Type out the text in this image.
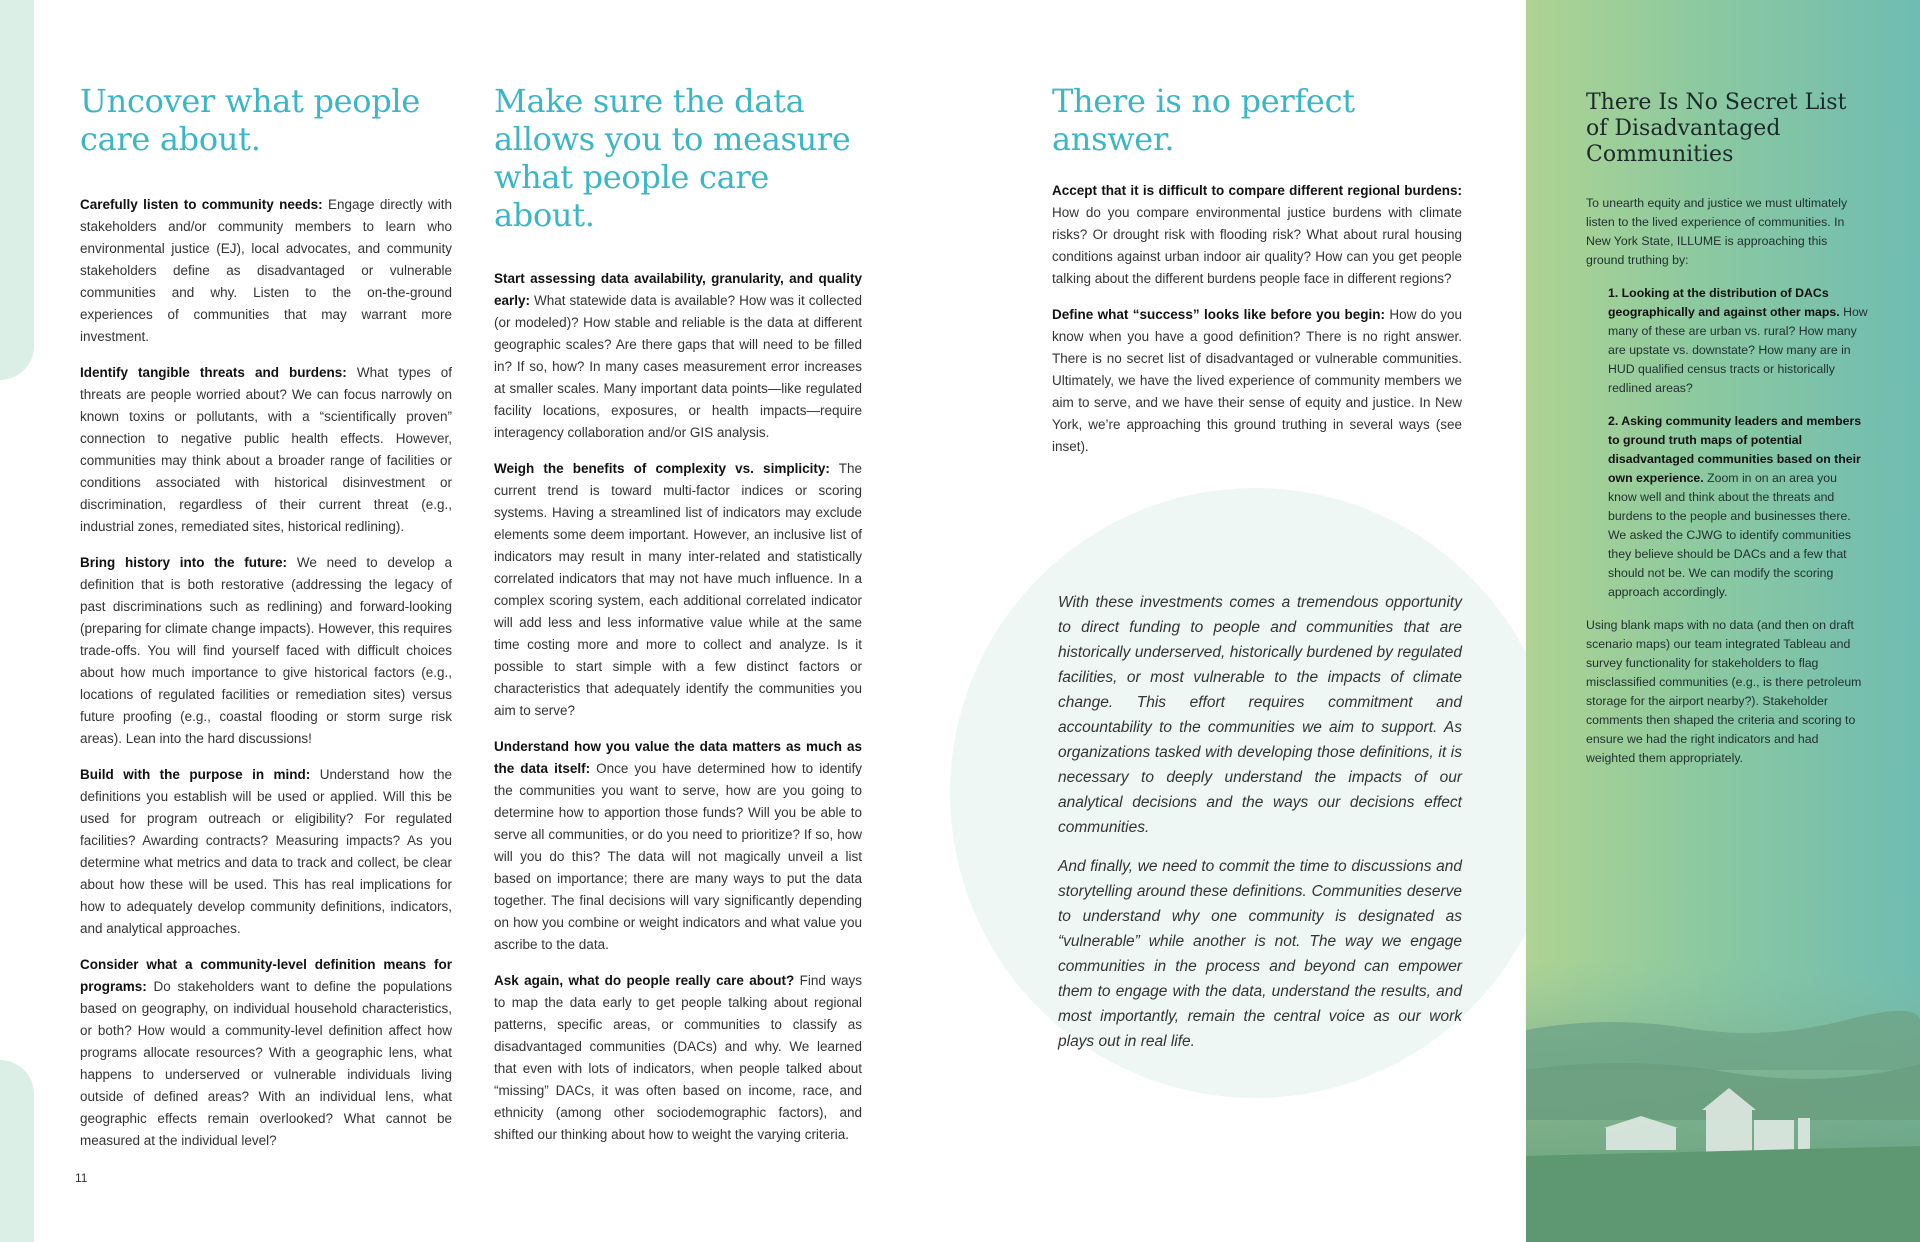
Uncover what people care about.

Carefully listen to community needs: Engage directly with stakeholders and/or community members to learn who environmental justice (EJ), local advocates, and community stakeholders define as disadvantaged or vulnerable communities and why. Listen to the on-the-ground experiences of communities that may warrant more investment.

Identify tangible threats and burdens: What types of threats are people worried about? We can focus narrowly on known toxins or pollutants, with a “scientifically proven” connection to negative public health effects. However, communities may think about a broader range of facilities or conditions associated with historical disinvestment or discrimination, regardless of their current threat (e.g., industrial zones, remediated sites, historical redlining).

Bring history into the future: We need to develop a definition that is both restorative (addressing the legacy of past discriminations such as redlining) and forward-looking (preparing for climate change impacts). However, this requires trade-offs. You will find yourself faced with difficult choices about how much importance to give historical factors (e.g., locations of regulated facilities or remediation sites) versus future proofing (e.g., coastal flooding or storm surge risk areas). Lean into the hard discussions!

Build with the purpose in mind: Understand how the definitions you establish will be used or applied. Will this be used for program outreach or eligibility? For regulated facilities? Awarding contracts? Measuring impacts? As you determine what metrics and data to track and collect, be clear about how these will be used. This has real implications for how to adequately develop community definitions, indicators, and analytical approaches.

Consider what a community-level definition means for programs: Do stakeholders want to define the populations based on geography, on individual household characteristics, or both? How would a community-level definition affect how programs allocate resources? With a geographic lens, what happens to underserved or vulnerable individuals living outside of defined areas? With an individual lens, what geographic effects remain overlooked? What cannot be measured at the individual level?

11
Make sure the data allows you to measure what people care about.

Start assessing data availability, granularity, and quality early: What statewide data is available? How was it collected (or modeled)? How stable and reliable is the data at different geographic scales? Are there gaps that will need to be filled in? If so, how? In many cases measurement error increases at smaller scales. Many important data points—like regulated facility locations, exposures, or health impacts—require interagency collaboration and/or GIS analysis.

Weigh the benefits of complexity vs. simplicity: The current trend is toward multi-factor indices or scoring systems. Having a streamlined list of indicators may exclude elements some deem important. However, an inclusive list of indicators may result in many inter-related and statistically correlated indicators that may not have much influence. In a complex scoring system, each additional correlated indicator will add less and less informative value while at the same time costing more and more to collect and analyze. Is it possible to start simple with a few distinct factors or characteristics that adequately identify the communities you aim to serve?

Understand how you value the data matters as much as the data itself: Once you have determined how to identify the communities you want to serve, how are you going to determine how to apportion those funds? Will you be able to serve all communities, or do you need to prioritize? If so, how will you do this? The data will not magically unveil a list based on importance; there are many ways to put the data together. The final decisions will vary significantly depending on how you combine or weight indicators and what value you ascribe to the data.

Ask again, what do people really care about? Find ways to map the data early to get people talking about regional patterns, specific areas, or communities to classify as disadvantaged communities (DACs) and why. We learned that even with lots of indicators, when people talked about “missing” DACs, it was often based on income, race, and ethnicity (among other sociodemographic factors), and shifted our thinking about how to weight the varying criteria.

There is no perfect answer.

Accept that it is difficult to compare different regional burdens: How do you compare environmental justice burdens with climate risks? Or drought risk with flooding risk? What about rural housing conditions against urban indoor air quality? How can you get people talking about the different burdens people face in different regions?

Define what “success” looks like before you begin: How do you know when you have a good definition? There is no right answer. There is no secret list of disadvantaged or vulnerable communities. Ultimately, we have the lived experience of community members we aim to serve, and we have their sense of equity and justice. In New York, we’re approaching this ground truthing in several ways (see inset).

With these investments comes a tremendous opportunity to direct funding to people and communities that are historically underserved, historically burdened by regulated facilities, or most vulnerable to the impacts of climate change. This effort requires commitment and accountability to the communities we aim to support. As organizations tasked with developing those definitions, it is necessary to deeply understand the impacts of our analytical decisions and the ways our decisions effect communities.

And finally, we need to commit the time to discussions and storytelling around these definitions. Communities deserve to understand why one community is designated as “vulnerable” while another is not. The way we engage communities in the process and beyond can empower them to engage with the data, understand the results, and most importantly, remain the central voice as our work plays out in real life.

There Is No Secret List of Disadvantaged Communities

To unearth equity and justice we must ultimately listen to the lived experience of communities. In New York State, ILLUME is approaching this ground truthing by:

1. Looking at the distribution of DACs geographically and against other maps. How many of these are urban vs. rural? How many are upstate vs. downstate? How many are in HUD qualified census tracts or historically redlined areas?
2. Asking community leaders and members to ground truth maps of potential disadvantaged communities based on their own experience. Zoom in on an area you know well and think about the threats and burdens to the people and businesses there. We asked the CJWG to identify communities they believe should be DACs and a few that should not be. We can modify the scoring approach accordingly.

Using blank maps with no data (and then on draft scenario maps) our team integrated Tableau and survey functionality for stakeholders to flag misclassified communities (e.g., is there petroleum storage for the airport nearby?). Stakeholder comments then shaped the criteria and scoring to ensure we had the right indicators and had weighted them appropriately.
